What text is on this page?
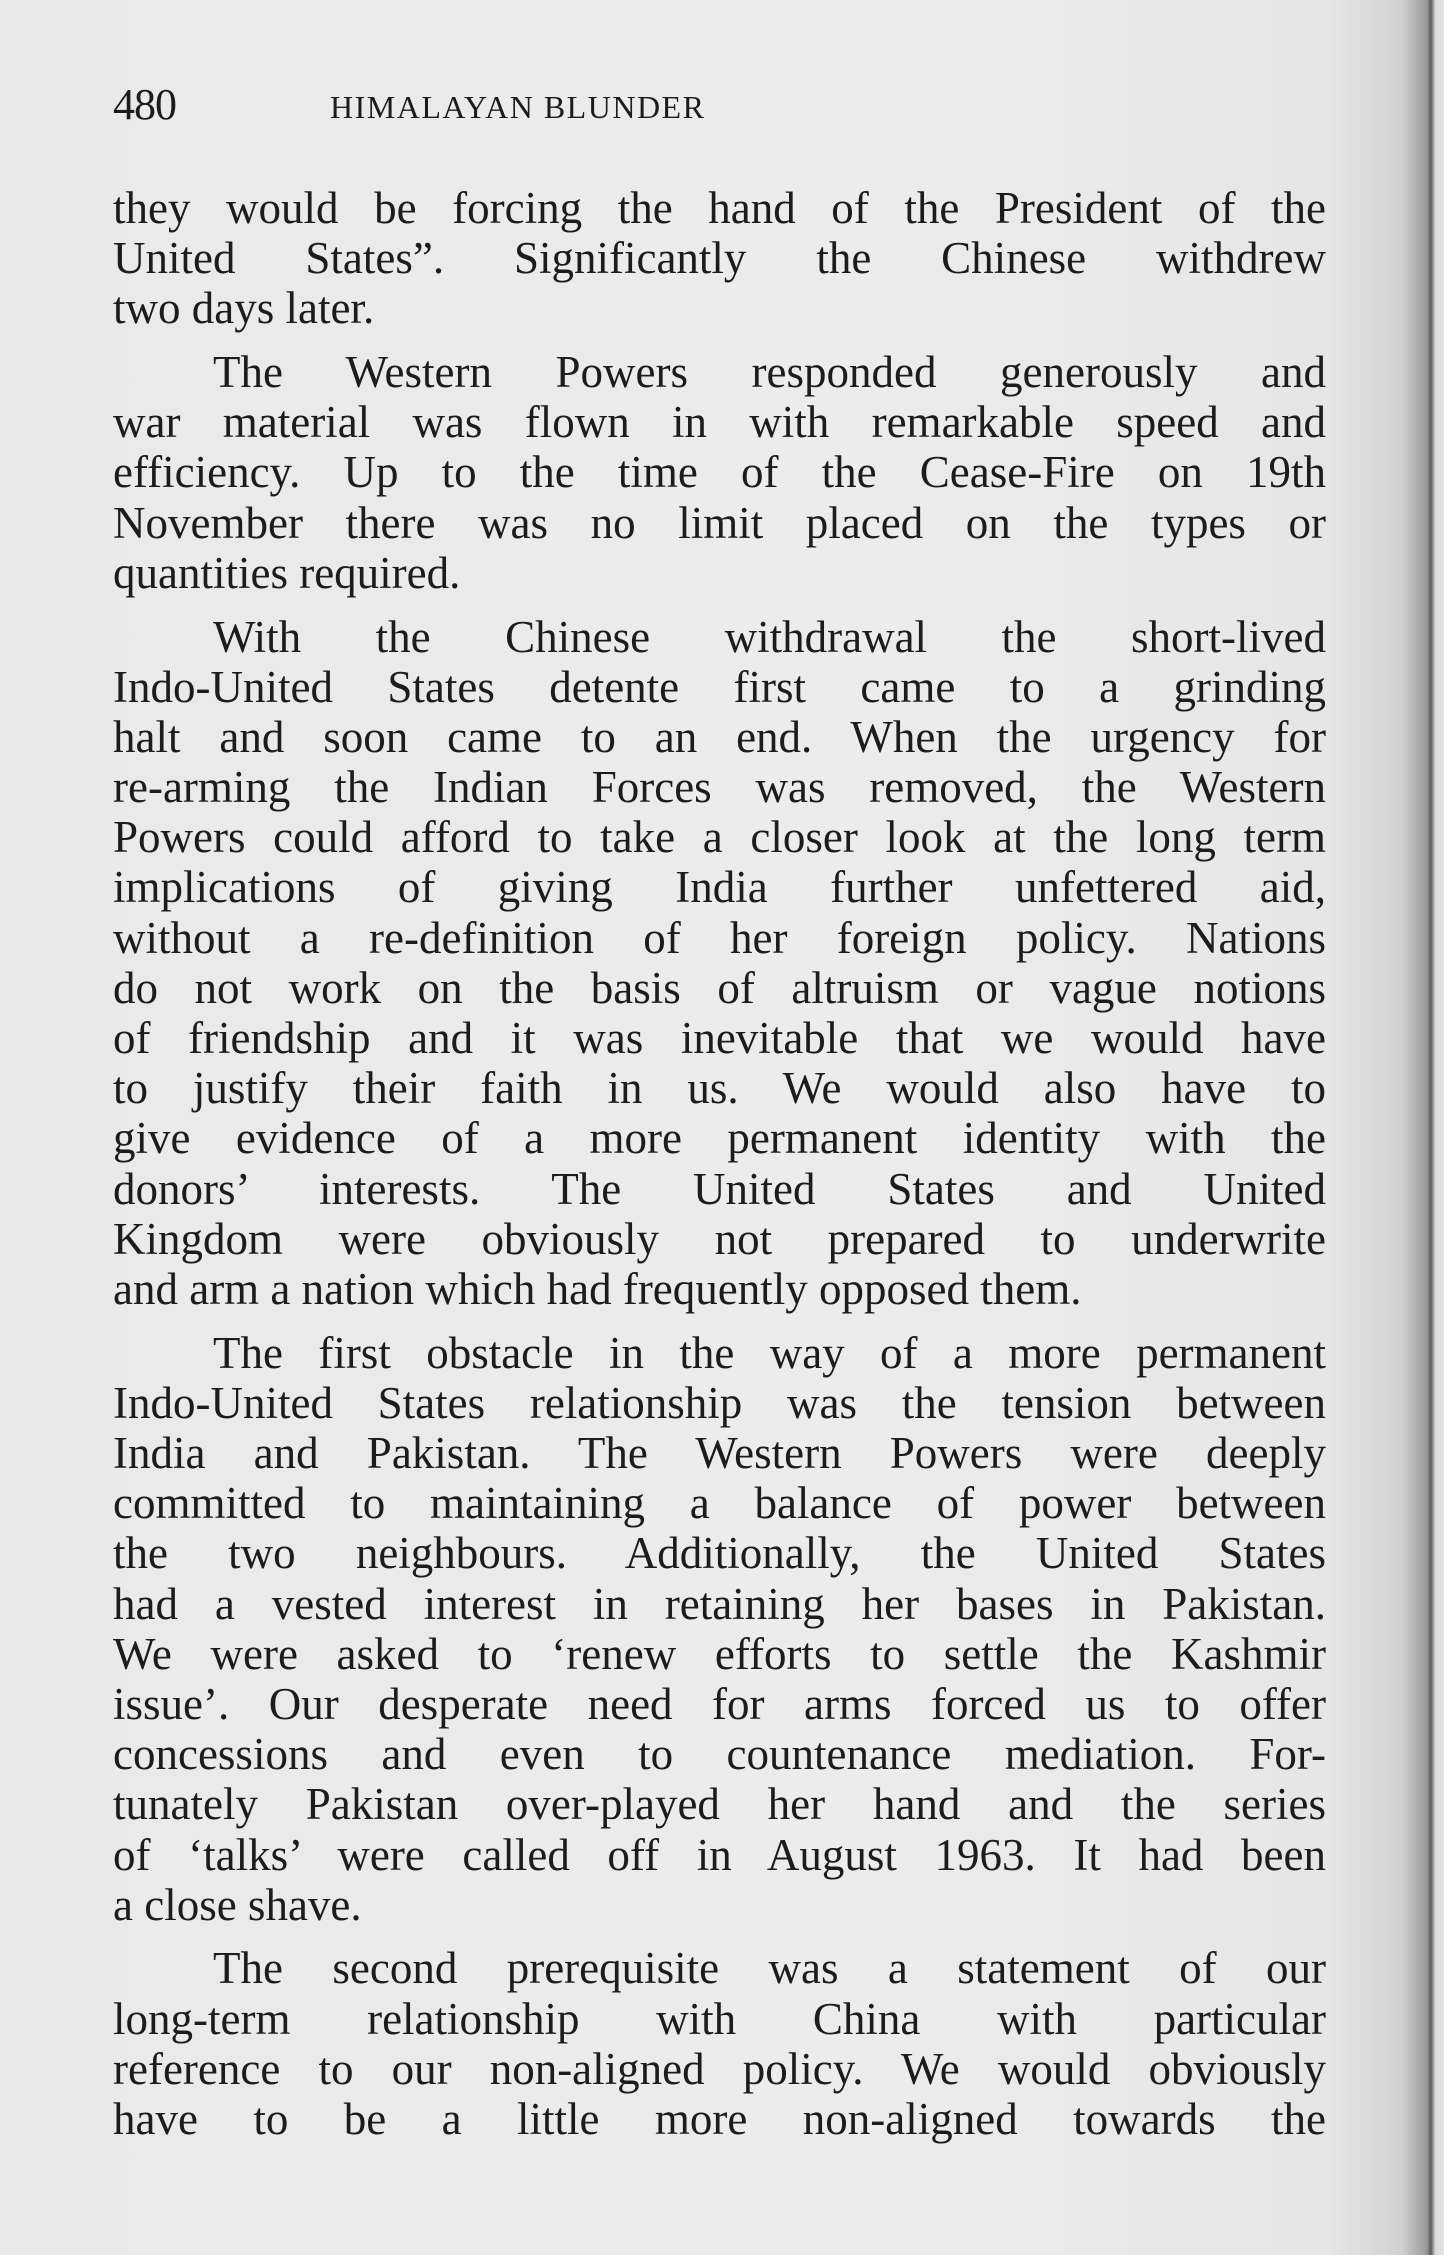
480	HIMALAYAN BLUNDER
they would be forcing the hand of the President of the
United States”. Significantly the Chinese withdrew
two days later.
The Western Powers responded generously and
war material was flown in with remarkable speed and
efficiency. Up to the time of the Cease-Fire on 19th
November there was no limit placed on the types or
quantities required.
With the Chinese withdrawal the short-lived
Indo-United States detente first came to a grinding
halt and soon came to an end. When the urgency for
re-arming the Indian Forces was removed, the Western
Powers could afford to take a closer look at the long term
implications of giving India further unfettered aid,
without a re-definition of her foreign policy. Nations
do not work on the basis of altruism or vague notions
of friendship and it was inevitable that we would have
to justify their faith in us. We would also have to
give evidence of a more permanent identity with the
donors’ interests. The United States and United
Kingdom were obviously not prepared to underwrite
and arm a nation which had frequently opposed them.
The first obstacle in the way of a more permanent
Indo-United States relationship was the tension between
India and Pakistan. The Western Powers were deeply
committed to maintaining a balance of power between
the two neighbours. Additionally, the United States
had a vested interest in retaining her bases in Pakistan.
We were asked to ‘renew efforts to settle the Kashmir
issue’. Our desperate need for arms forced us to offer
concessions and even to countenance mediation. For-
tunately Pakistan over-played her hand and the series
of ‘talks’ were called off in August 1963. It had been
a close shave.
The second prerequisite was a statement of our
long-term relationship with China with particular
reference to our non-aligned policy. We would obviously
have to be a little more non-aligned towards the
